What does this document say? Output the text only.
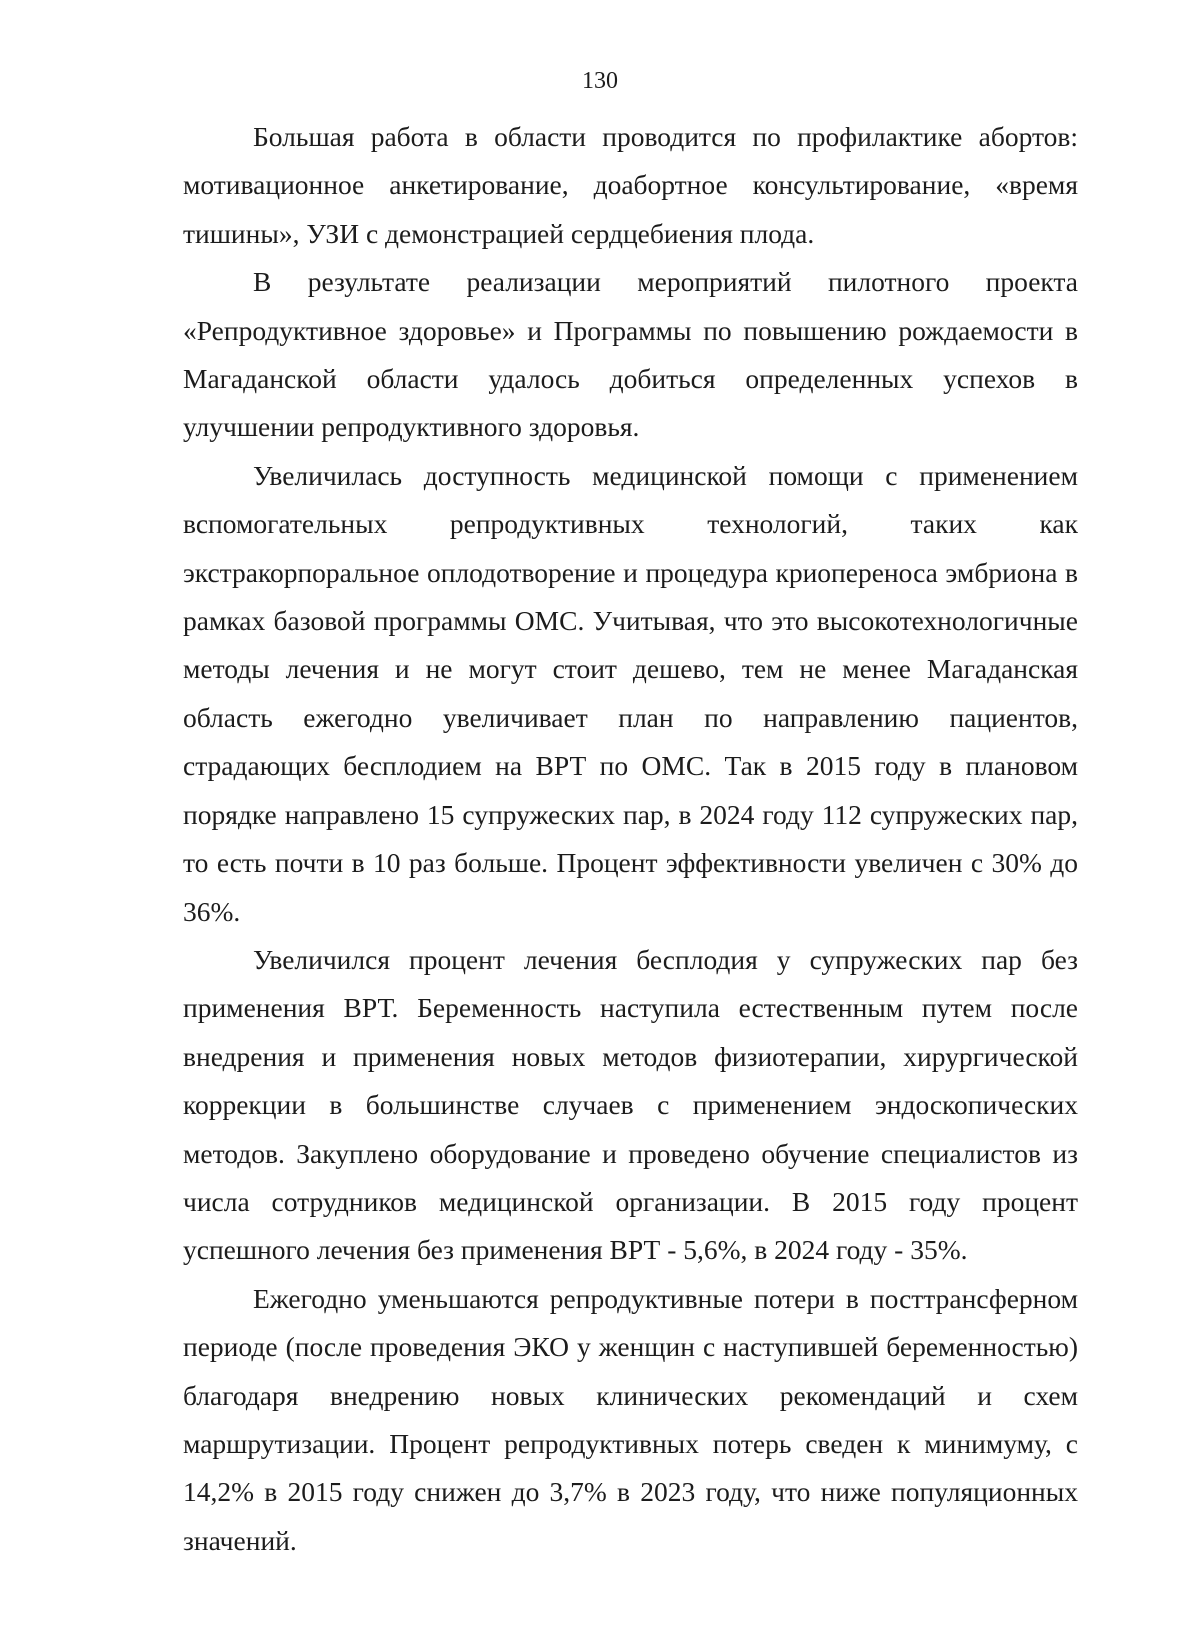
130

Большая работа в области проводится по профилактике абортов: мотивационное анкетирование, доабортное консультирование, «время тишины», УЗИ с демонстрацией сердцебиения плода.

В результате реализации мероприятий пилотного проекта «Репродуктивное здоровье» и Программы по повышению рождаемости в Магаданской области удалось добиться определенных успехов в улучшении репродуктивного здоровья.

Увеличилась доступность медицинской помощи с применением вспомогательных репродуктивных технологий, таких как экстракорпоральное оплодотворение и процедура криопереноса эмбриона в рамках базовой программы ОМС. Учитывая, что это высокотехнологичные методы лечения и не могут стоит дешево, тем не менее Магаданская область ежегодно увеличивает план по направлению пациентов, страдающих бесплодием на ВРТ по ОМС. Так в 2015 году в плановом порядке направлено 15 супружеских пар, в 2024 году 112 супружеских пар, то есть почти в 10 раз больше. Процент эффективности увеличен с 30% до 36%.

Увеличился процент лечения бесплодия у супружеских пар без применения ВРТ. Беременность наступила естественным путем после внедрения и применения новых методов физиотерапии, хирургической коррекции в большинстве случаев с применением эндоскопических методов. Закуплено оборудование и проведено обучение специалистов из числа сотрудников медицинской организации. В 2015 году процент успешного лечения без применения ВРТ - 5,6%, в 2024 году - 35%.

Ежегодно уменьшаются репродуктивные потери в посттрансферном периоде (после проведения ЭКО у женщин с наступившей беременностью) благодаря внедрению новых клинических рекомендаций и схем маршрутизации. Процент репродуктивных потерь сведен к минимуму, с 14,2% в 2015 году снижен до 3,7% в 2023 году, что ниже популяционных значений.
